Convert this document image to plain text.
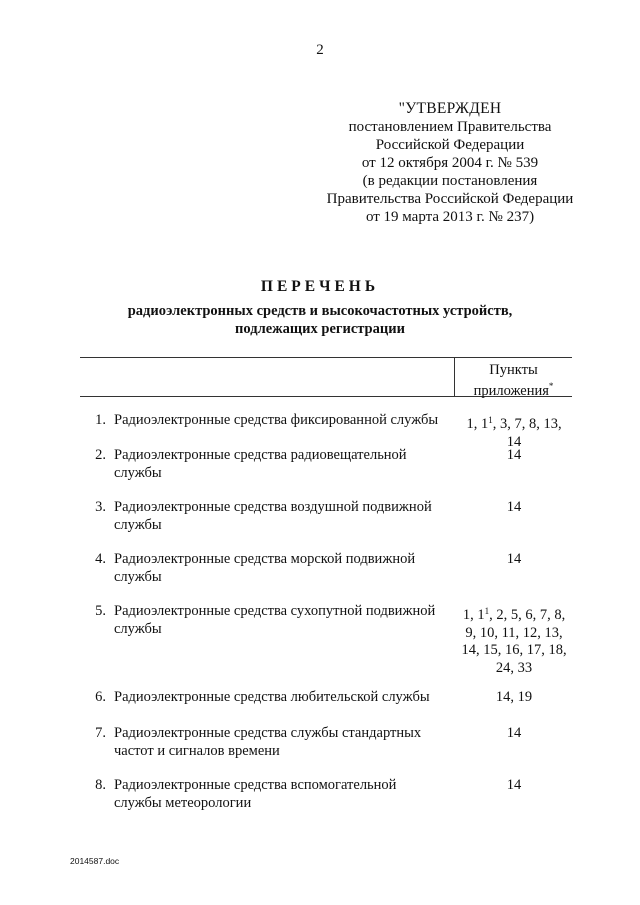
2
"УТВЕРЖДЕН
постановлением Правительства
Российской Федерации
от 12 октября 2004 г. № 539
(в редакции постановления
Правительства Российской Федерации
от 19 марта 2013 г. № 237)
ПЕРЕЧЕНЬ
радиоэлектронных средств и высокочастотных устройств,
подлежащих регистрации
Пункты
приложения*
1. Радиоэлектронные средства фиксированной службы	1, $1^1$, 3, 7, 8, 13,
14
2. Радиоэлектронные средства радиовещательной
службы
14
3. Радиоэлектронные средства воздушной подвижной
службы
14
4. Радиоэлектронные средства морской подвижной
службы
14
5. Радиоэлектронные средства сухопутной подвижной
службы
1, $1^1$, 2, 5, 6, 7, 8,
9, 10, 11, 12, 13,
14, 15, 16, 17, 18,
24, 33
6. Радиоэлектронные средства любительской службы	14, 19
7. Радиоэлектронные средства службы стандартных
частот и сигналов времени
14
8. Радиоэлектронные средства вспомогательной
службы метеорологии
14
2014587.doc
